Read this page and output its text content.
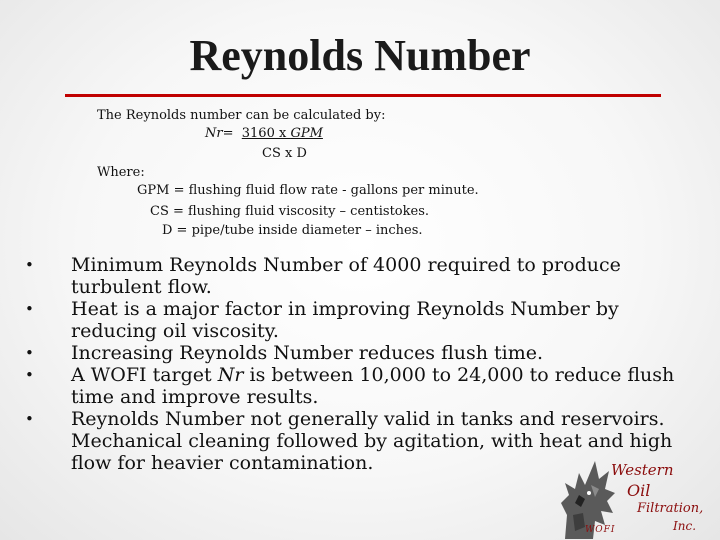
Reynolds Number
The Reynolds number can be calculated by:
Nr= 3160 x GPM
CS x D
Where:
GPM = flushing fluid flow rate - gallons per minute.
CS = flushing fluid viscosity – centistokes.
D = pipe/tube inside diameter – inches.
•	Minimum Reynolds Number of 4000 required to produce turbulent flow.
•	Heat is a major factor in improving Reynolds Number by reducing oil viscosity.
•	Increasing Reynolds Number reduces flush time.
•	A WOFI target Nr is between 10,000 to 24,000 to reduce flush time and improve results.
•	Reynolds Number not generally valid in tanks and reservoirs. Mechanical cleaning followed by agitation, with heat and high flow for heavier contamination.	Western
Oil
Filtration,
Inc.
WOFI
